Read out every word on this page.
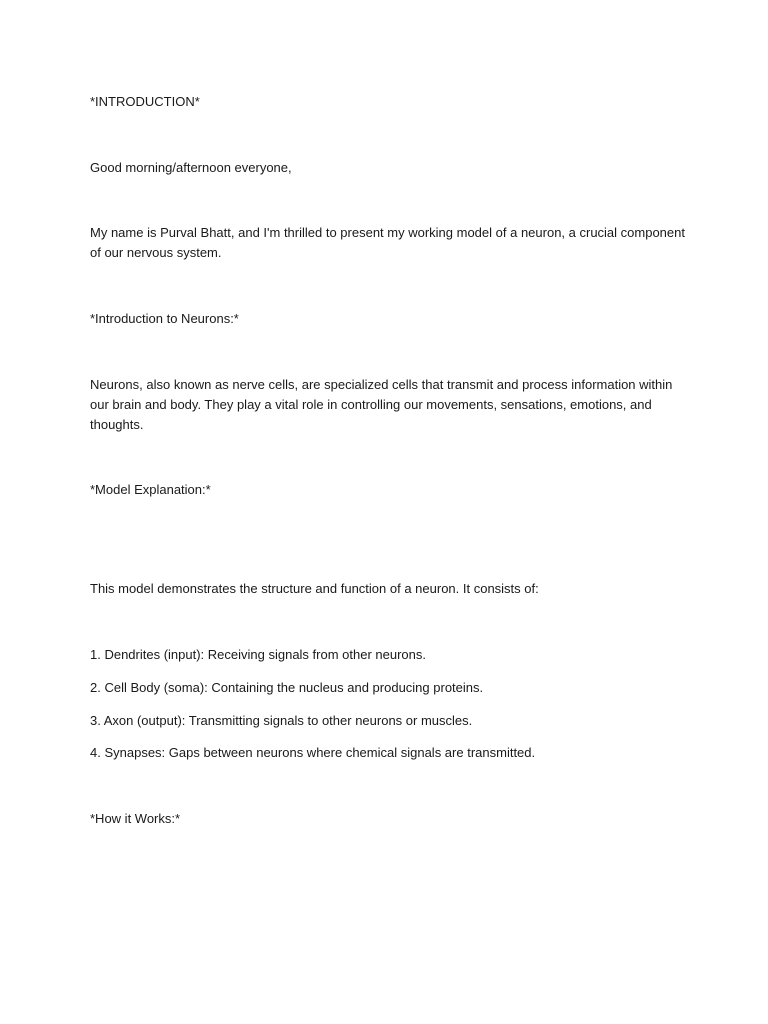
*INTRODUCTION*

Good morning/afternoon everyone,

My name is Purval Bhatt, and I'm thrilled to present my working model of a neuron, a crucial component of our nervous system.

*Introduction to Neurons:*

Neurons, also known as nerve cells, are specialized cells that transmit and process information within our brain and body. They play a vital role in controlling our movements, sensations, emotions, and thoughts.

*Model Explanation:*

This model demonstrates the structure and function of a neuron. It consists of:

1. Dendrites (input): Receiving signals from other neurons.

2. Cell Body (soma): Containing the nucleus and producing proteins.

3. Axon (output): Transmitting signals to other neurons or muscles.

4. Synapses: Gaps between neurons where chemical signals are transmitted.

*How it Works:*
